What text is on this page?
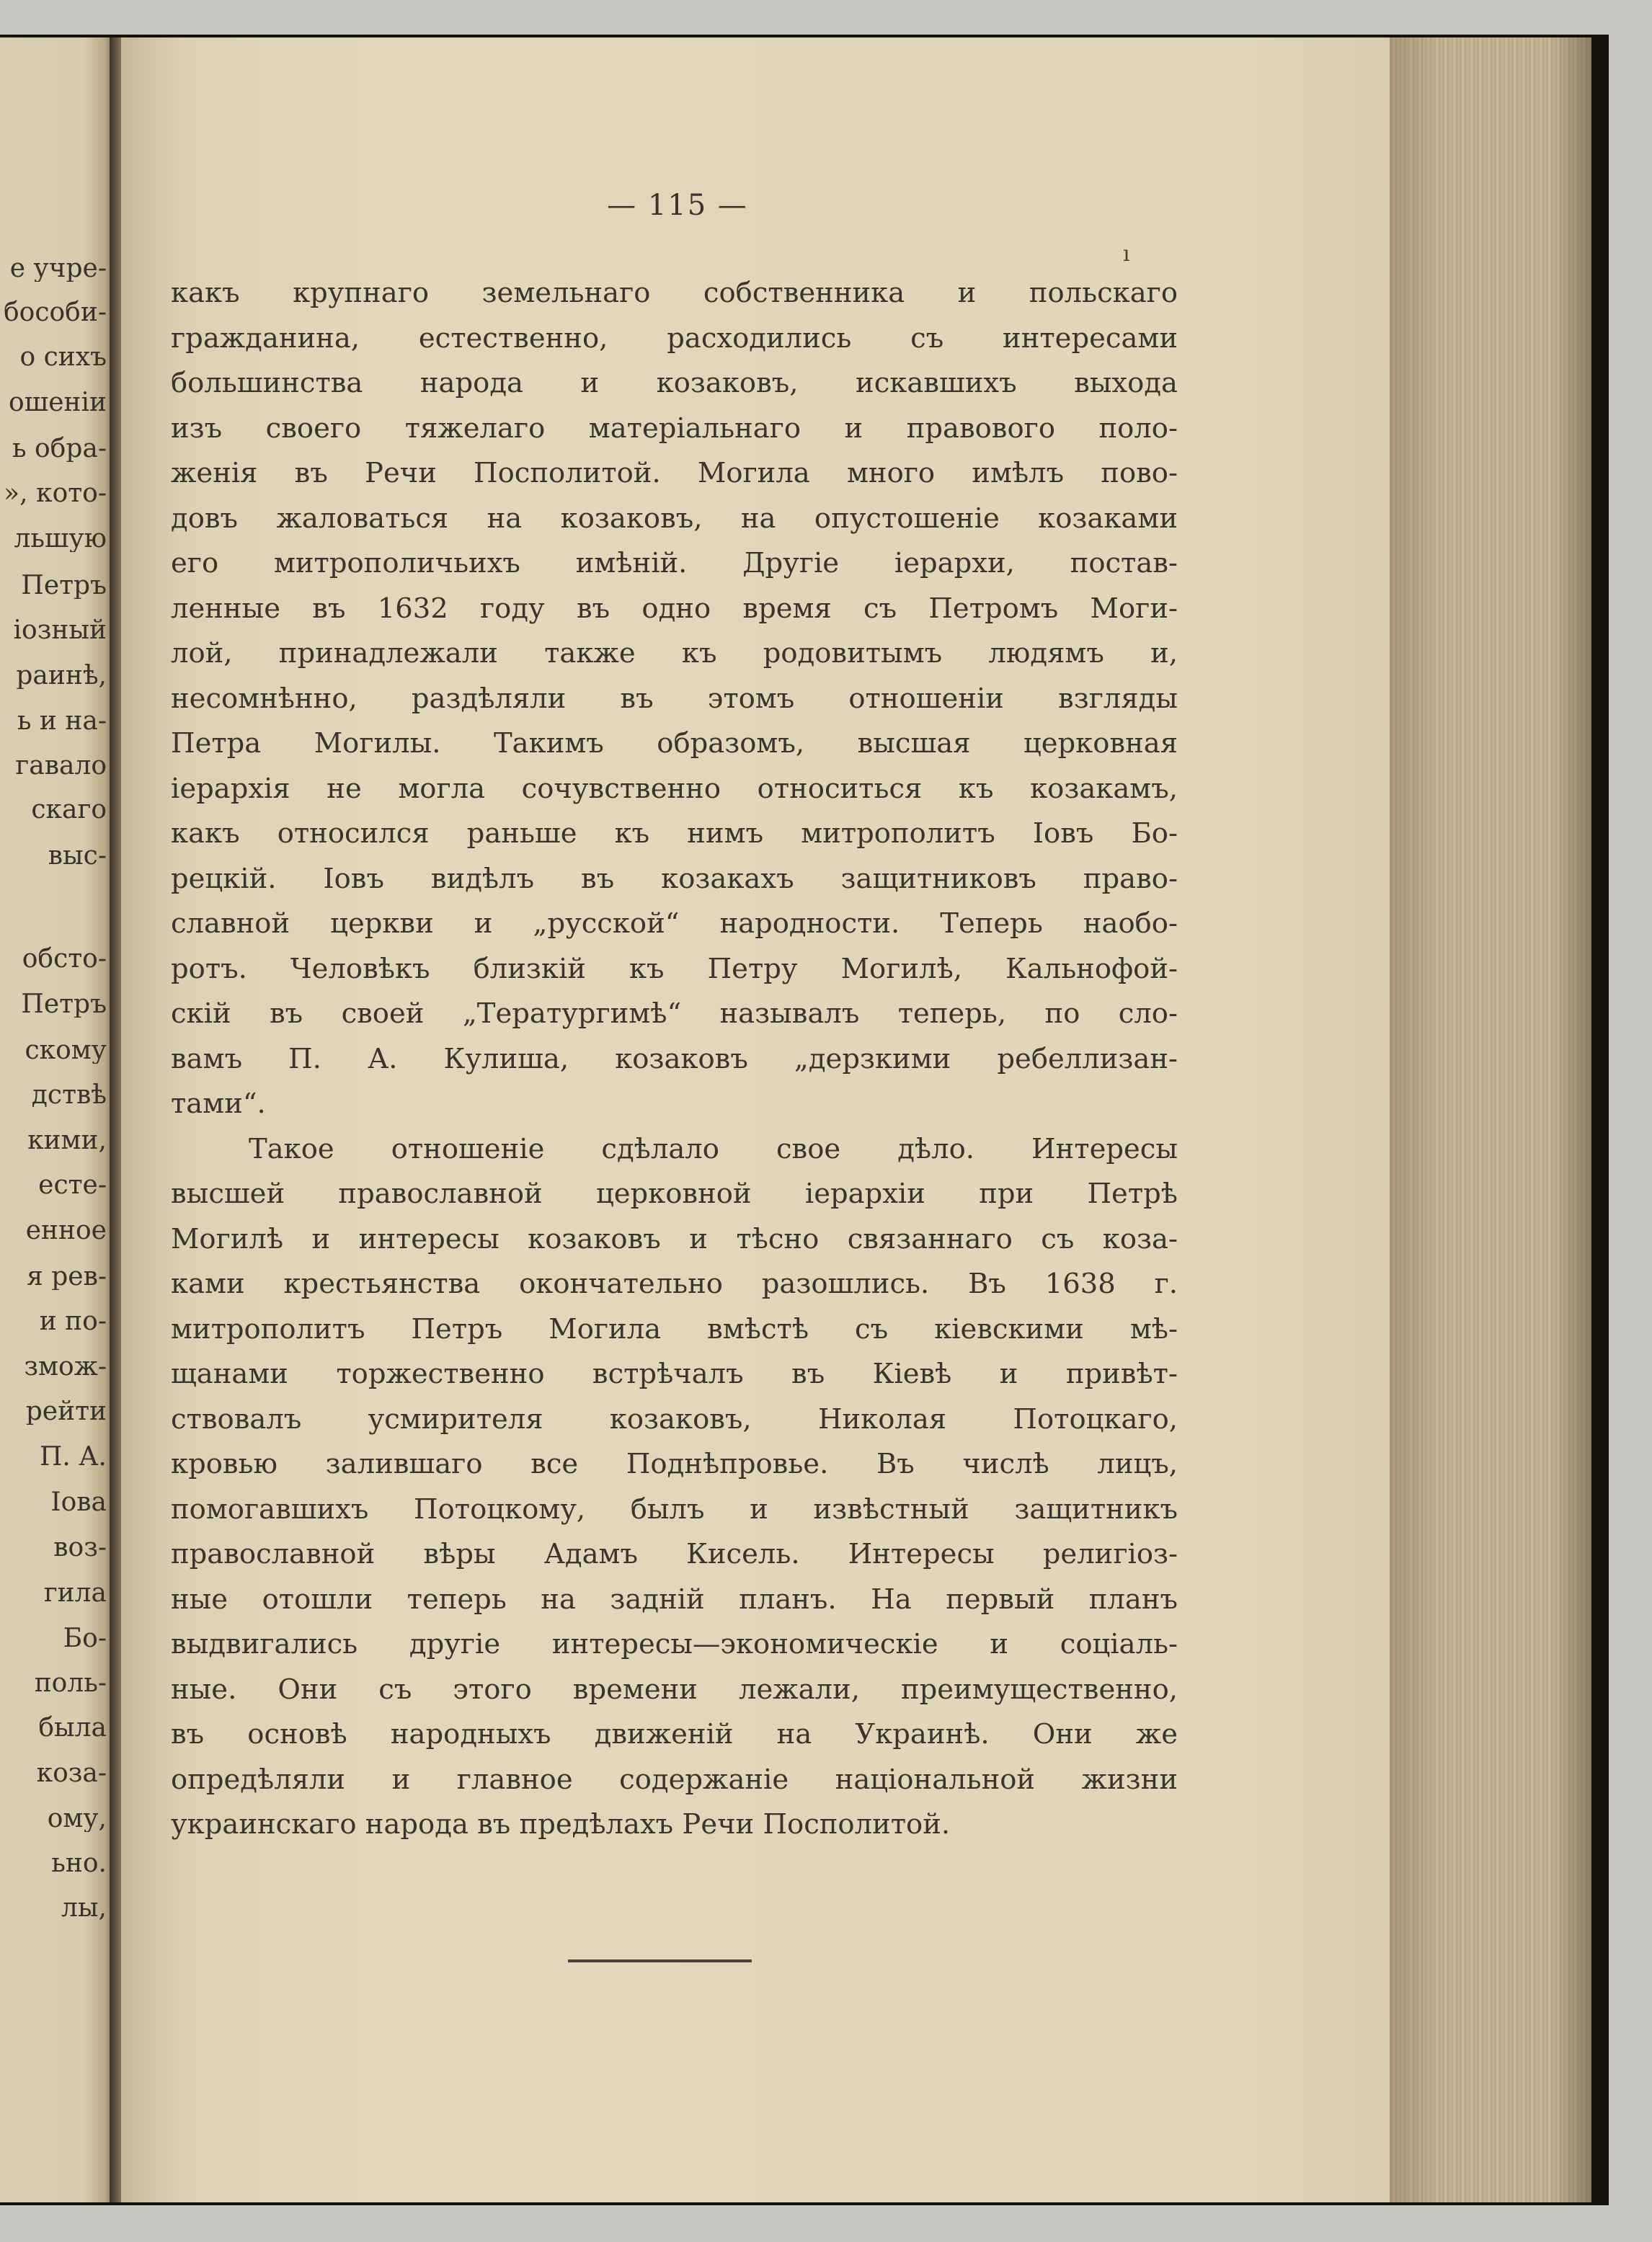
— 115 —

ı

e учре-

бособи-

о сихъ

ошеніи

ь обра-

», кото-

льшую

Петръ

іозный

раинѣ,

ь и на-

гавало

скаго

выс-

обсто-

Петръ

скому

дствѣ

кими,

есте-

енное

я рев-

и по-

змож-

рейти

П. А.

Іова

воз-

гила

Бо-

поль-

была

коза-

ому,

ьно.

лы,

какъ крупнаго земельнаго собственника и польскаго

гражданина, естественно, расходились съ интересами

большинства народа и козаковъ, искавшихъ выхода

изъ своего тяжелаго матеріальнаго и правового поло-

женія въ Речи Посполитой. Могила много имѣлъ пово-

довъ жаловаться на козаковъ, на опустошеніе козаками

его митрополичьихъ имѣній. Другіе іерархи, постав-

ленные въ 1632 году въ одно время съ Петромъ Моги-

лой, принадлежали также къ родовитымъ людямъ и,

несомнѣнно, раздѣляли въ этомъ отношеніи взгляды

Петра Могилы. Такимъ образомъ, высшая церковная

іерархія не могла сочувственно относиться къ козакамъ,

какъ относился раньше къ нимъ митрополитъ Іовъ Бо-

рецкій. Іовъ видѣлъ въ козакахъ защитниковъ право-

славной церкви и „русской“ народности. Теперь наобо-

ротъ. Человѣкъ близкій къ Петру Могилѣ, Кальнофой-

скій въ своей „Тератургимѣ“ называлъ теперь, по сло-

вамъ П. А. Кулиша, козаковъ „дерзкими ребеллизан-

тами“.

Такое отношеніе сдѣлало свое дѣло. Интересы

высшей православной церковной іерархіи при Петрѣ

Могилѣ и интересы козаковъ и тѣсно связаннаго съ коза-

ками крестьянства окончательно разошлись. Въ 1638 г.

митрополитъ Петръ Могила вмѣстѣ съ кіевскими мѣ-

щанами торжественно встрѣчалъ въ Кіевѣ и привѣт-

ствовалъ усмирителя козаковъ, Николая Потоцкаго,

кровью залившаго все Поднѣпровье. Въ числѣ лицъ,

помогавшихъ Потоцкому, былъ и извѣстный защитникъ

православной вѣры Адамъ Кисель. Интересы религіоз-

ные отошли теперь на задній планъ. На первый планъ

выдвигались другіе интересы—экономическіе и соціаль-

ные. Они съ этого времени лежали, преимущественно,

въ основѣ народныхъ движеній на Украинѣ. Они же

опредѣляли и главное содержаніе національной жизни

украинскаго народа въ предѣлахъ Речи Посполитой.
